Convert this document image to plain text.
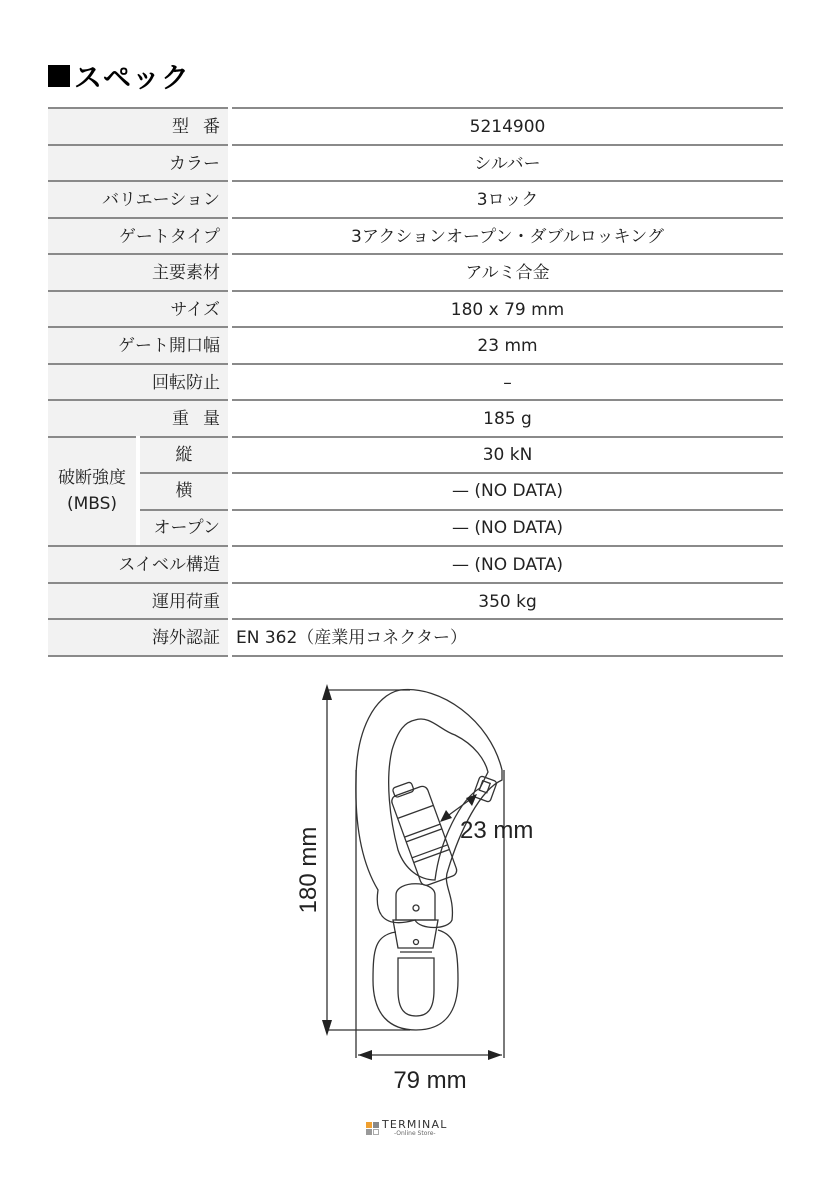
スペック
型番	5214900
カラー	シルバー
バリエーション	3ロック
ゲートタイプ	3アクションオープン・ダブルロッキング
主要素材	アルミ合金
サイズ	180 x 79 mm
ゲート開口幅	23 mm
回転防止	–
重量	185 g
破断強度
(MBS)
縦	30 kN
横	— (NO DATA)
オープン	— (NO DATA)
スイベル構造	— (NO DATA)
運用荷重	350 kg
海外認証 EN 362（産業用コネクター）
180 mm
79 mm
23 mm
TERMINAL
-Online Store-
